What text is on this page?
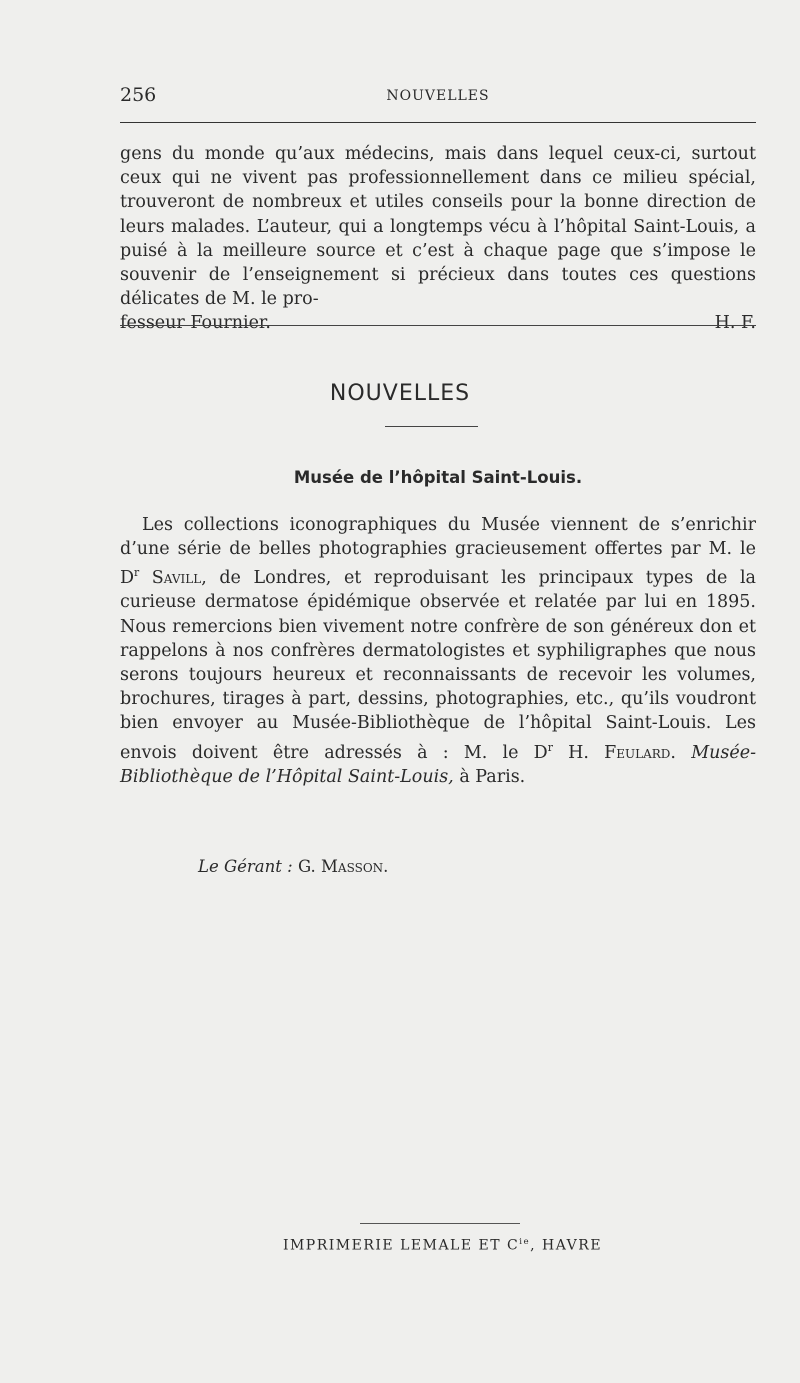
256	NOUVELLES
gens du monde qu’aux médecins, mais dans lequel ceux-ci, surtout ceux qui ne vivent pas professionnellement dans ce milieu spécial, trouveront de nombreux et utiles conseils pour la bonne direction de leurs malades. L’auteur, qui a longtemps vécu à l’hôpital Saint-Louis, a puisé à la meilleure source et c’est à chaque page que s’impose le souvenir de l’enseignement si précieux dans toutes ces questions délicates de M. le pro-
fesseur Fournier.	H. F.
NOUVELLES
Musée de l’hôpital Saint-Louis.
Les collections iconographiques du Musée viennent de s’enrichir d’une série de belles photographies gracieusement offertes par M. le $D^r$ Savill, de Londres, et reproduisant les principaux types de la curieuse dermatose épidémique observée et relatée par lui en 1895. Nous remercions bien vivement notre confrère de son généreux don et rappelons à nos confrères dermatologistes et syphiligraphes que nous serons toujours heureux et reconnaissants de recevoir les volumes, brochures, tirages à part, dessins, photographies, etc., qu’ils voudront bien envoyer au Musée-Bibliothèque de l’hôpital Saint-Louis. Les envois doivent être adressés à : M. le $D^r$ H. Feulard. Musée-Bibliothèque de l’Hôpital Saint-Louis, à Paris.
Le Gérant : G. Masson.
IMPRIMERIE LEMALE ET $C^{ie}$, HAVRE
